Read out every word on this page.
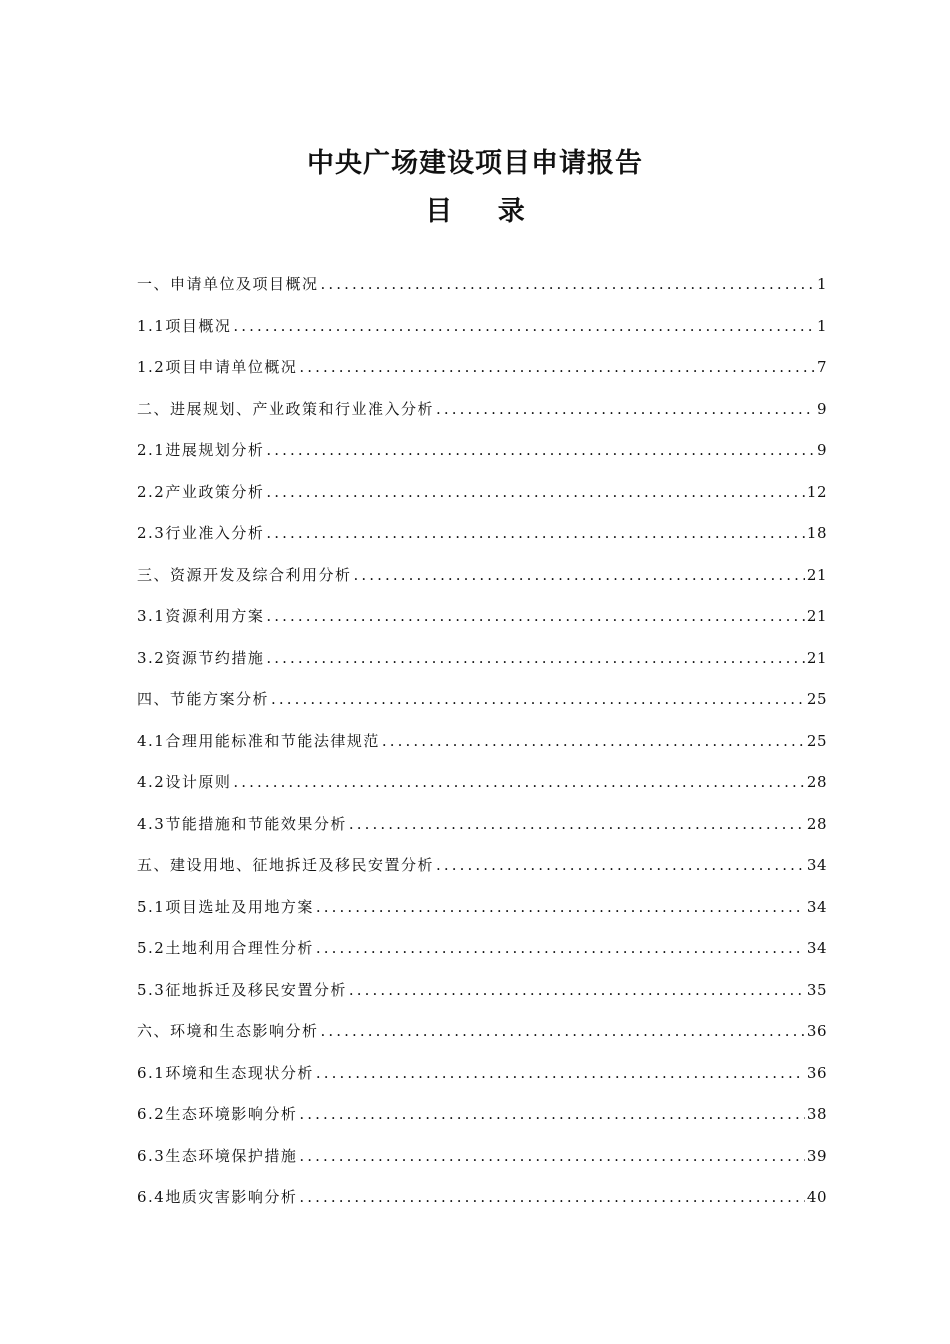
中央广场建设项目申请报告
目 录
一、申请单位及项目概况 .....	1
1.1项目概况 .....	1
1.2项目申请单位概况 .....	7
二、进展规划、产业政策和行业准入分析 .....	9
2.1进展规划分析 .....	9
2.2产业政策分析 .....	12
2.3行业准入分析 .....	18
三、资源开发及综合利用分析 .....	21
3.1资源利用方案 .....	21
3.2资源节约措施 .....	21
四、节能方案分析 .....	25
4.1合理用能标准和节能法律规范 .....	25
4.2设计原则 .....	28
4.3节能措施和节能效果分析 .....	28
五、建设用地、征地拆迁及移民安置分析 .....	34
5.1项目选址及用地方案 .....	34
5.2土地利用合理性分析 .....	34
5.3征地拆迁及移民安置分析 .....	35
六、环境和生态影响分析 .....	36
6.1环境和生态现状分析 .....	36
6.2生态环境影响分析 .....	38
6.3生态环境保护措施 .....	39
6.4地质灾害影响分析 .....	40
